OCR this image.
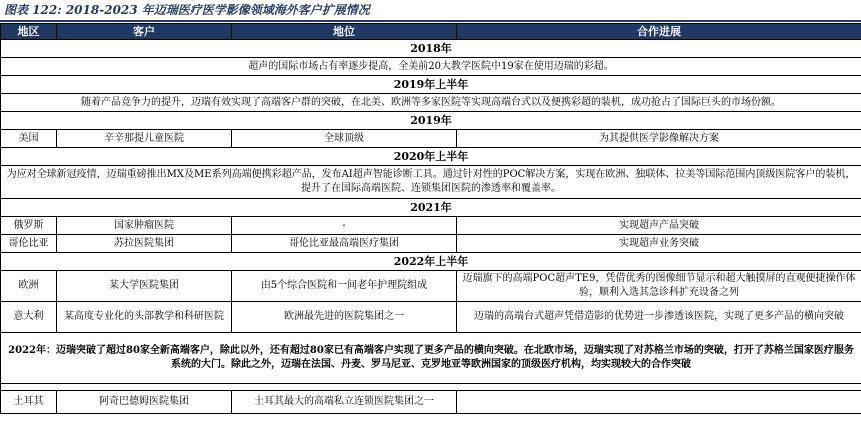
图表 122: 2018-2023 年迈瑞医疗医学影像领域海外客户扩展情况
地区	客户	地位	合作进展
2018年			
超声的国际市场占有率逐步提高，全美前20大教学医院中19家在使用迈瑞的彩超。			
2019年上半年			
随着产品竞争力的提升，迈瑞有效实现了高端客户群的突破，在北美、欧洲等多家医院等实现高端台式以及便携彩超的装机，成功抢占了国际巨头的市场份额。			
2019年			
美国	辛辛那提儿童医院	全球顶级	为其提供医学影像解决方案
2020年上半年			
为应对全球新冠疫情，迈瑞重磅推出MX及ME系列高端便携彩超产品，发布AI超声智能诊断工具。通过针对性的POC解决方案，实现在欧洲、独联体、拉美等国际范围内顶级医院客户的装机，提升了在国际高端医院、连锁集团医院的渗透率和覆盖率。			
2021年			
俄罗斯	国家肿瘤医院	-	实现超声产品突破
哥伦比亚	苏拉医院集团	哥伦比亚最高端医疗集团	实现超声业务突破
2022年上半年			
欧洲	某大学医院集团	由5个综合医院和一间老年护理院组成	迈瑞旗下的高端POC超声TE9，凭借优秀的图像细节显示和超大触摸屏的直观便捷操作体验，顺利入选其急诊科扩充设备之列
意大利	某高度专业化的头部教学和科研医院	欧洲最先进的医院集团之一	迈瑞的高端台式超声凭借造影的优势进一步渗透该医院，实现了更多产品的横向突破
2022年：迈瑞突破了超过80家全新高端客户，除此以外，还有超过80家已有高端客户实现了更多产品的横向突破。在北欧市场，迈瑞实现了对苏格兰市场的突破，打开了苏格兰国家医疗服务系统的大门。除此之外，迈瑞在法国、丹麦、罗马尼亚、克罗地亚等欧洲国家的顶级医疗机构，均实现较大的合作突破			

土耳其	阿奇巴德姆医院集团	土耳其最大的高端私立连锁医院集团之一	
